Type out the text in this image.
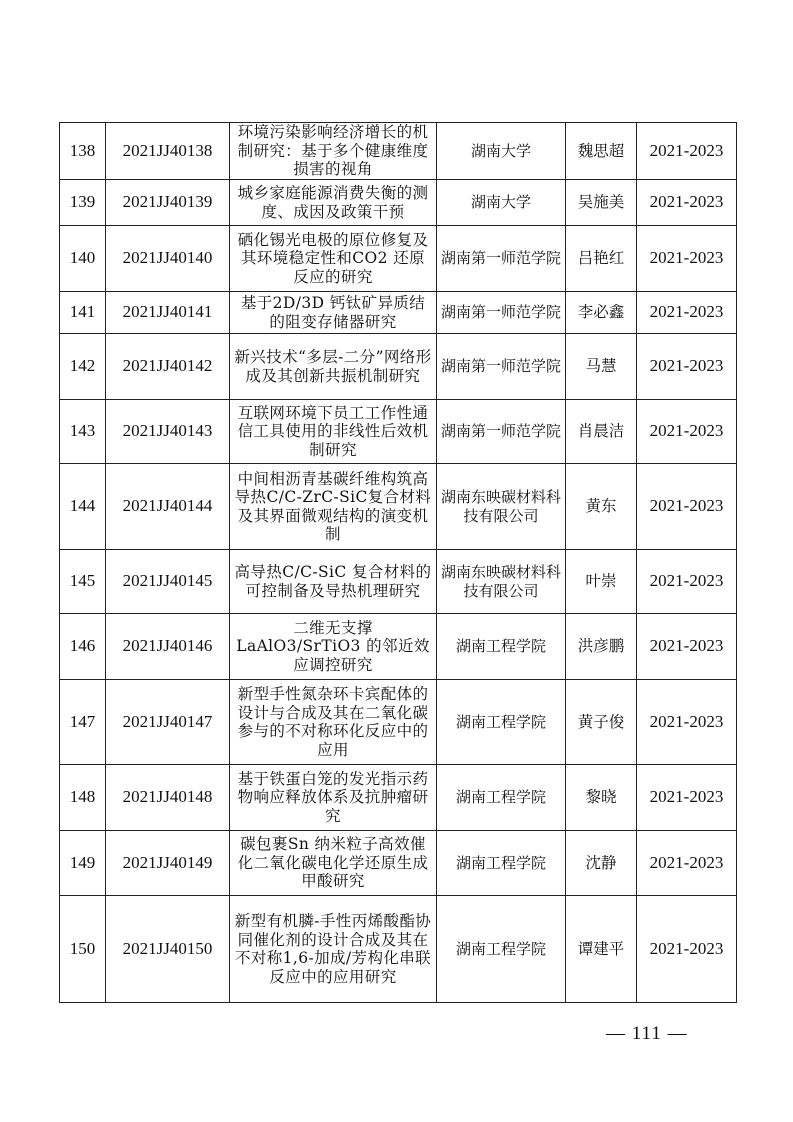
138	2021JJ40138	环境污染影响经济增长的机制研究：基于多个健康维度损害的视角	湖南大学	魏思超	2021-2023
139	2021JJ40139	城乡家庭能源消费失衡的测度、成因及政策干预	湖南大学	吴施美	2021-2023
140	2021JJ40140	硒化锡光电极的原位修复及其环境稳定性和CO2 还原反应的研究	湖南第一师范学院	吕艳红	2021-2023
141	2021JJ40141	基于2D/3D 钙钛矿异质结的阻变存储器研究	湖南第一师范学院	李必鑫	2021-2023
142	2021JJ40142	新兴技术“多层-二分”网络形成及其创新共振机制研究	湖南第一师范学院	马慧	2021-2023
143	2021JJ40143	互联网环境下员工工作性通信工具使用的非线性后效机制研究	湖南第一师范学院	肖晨洁	2021-2023
144	2021JJ40144	中间相沥青基碳纤维构筑高导热C/C-ZrC-SiC复合材料及其界面微观结构的演变机制	湖南东映碳材料科技有限公司	黄东	2021-2023
145	2021JJ40145	高导热C/C-SiC 复合材料的可控制备及导热机理研究	湖南东映碳材料科技有限公司	叶崇	2021-2023
146	2021JJ40146	二维无支撑LaAlO3/SrTiO3 的邻近效应调控研究	湖南工程学院	洪彦鹏	2021-2023
147	2021JJ40147	新型手性氮杂环卡宾配体的设计与合成及其在二氧化碳参与的不对称环化反应中的应用	湖南工程学院	黄子俊	2021-2023
148	2021JJ40148	基于铁蛋白笼的发光指示药物响应释放体系及抗肿瘤研究	湖南工程学院	黎晓	2021-2023
149	2021JJ40149	碳包裹Sn 纳米粒子高效催化二氧化碳电化学还原生成甲酸研究	湖南工程学院	沈静	2021-2023
150	2021JJ40150	新型有机膦-手性丙烯酸酯协同催化剂的设计合成及其在不对称1,6-加成/芳构化串联反应中的应用研究	湖南工程学院	谭建平	2021-2023
— 111 —
